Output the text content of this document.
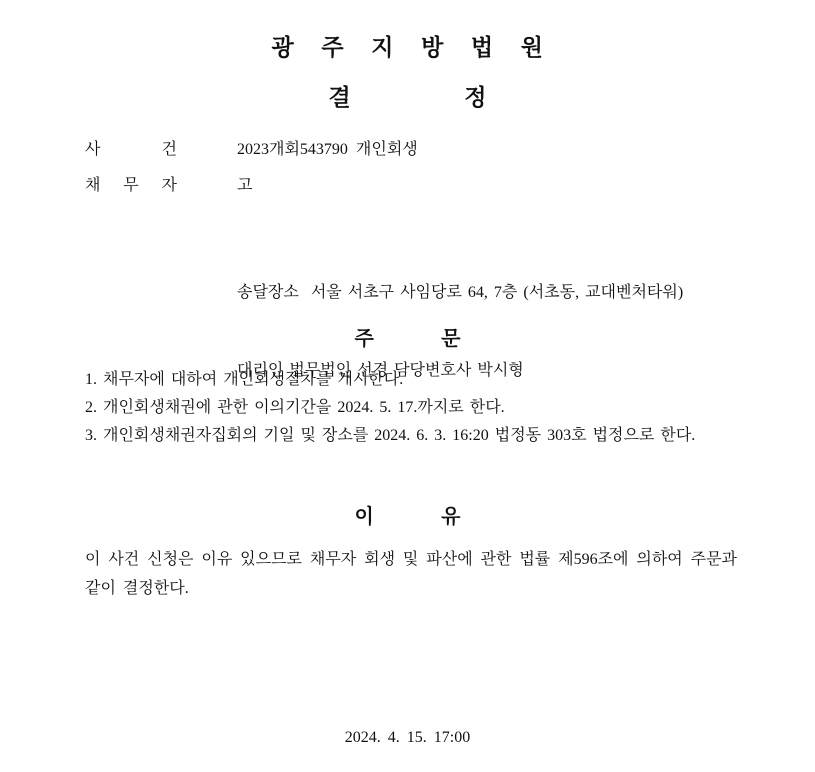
광 주 지 방 법 원
결 정
사 건	2023개회543790  개인회생
채 무 자	고

송달장소  서울 서초구 사임당로 64, 7층 (서초동, 교대벤처타워)

대리인 법무법인 선경 담당변호사 박시형

주 문
1. 채무자에 대하여 개인회생절차를 개시한다.
2. 개인회생채권에 관한 이의기간을 2024. 5. 17.까지로 한다.
3. 개인회생채권자집회의 기일 및 장소를 2024. 6. 3. 16:20 법정동 303호 법정으로 한다.
이 유
이 사건 신청은 이유 있으므로 채무자 회생 및 파산에 관한 법률 제596조에 의하여 주문과 같이 결정한다.
2024. 4. 15. 17:00
